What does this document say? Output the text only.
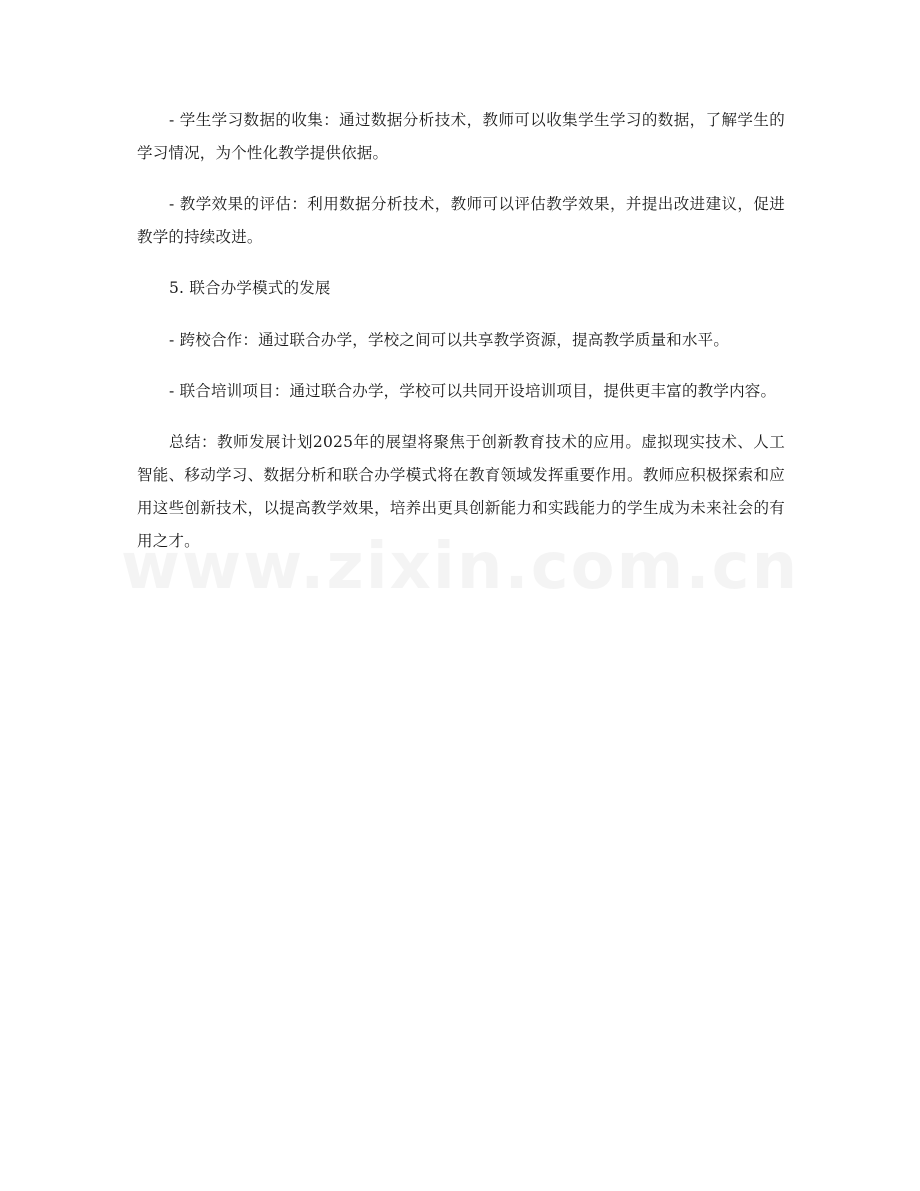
- 学生学习数据的收集：通过数据分析技术，教师可以收集学生学习的数据，了解学生的学习情况，为个性化教学提供依据。

- 教学效果的评估：利用数据分析技术，教师可以评估教学效果，并提出改进建议，促进教学的持续改进。

5. 联合办学模式的发展

- 跨校合作：通过联合办学，学校之间可以共享教学资源，提高教学质量和水平。

- 联合培训项目：通过联合办学，学校可以共同开设培训项目，提供更丰富的教学内容。

总结：教师发展计划2025年的展望将聚焦于创新教育技术的应用。虚拟现实技术、人工智能、移动学习、数据分析和联合办学模式将在教育领域发挥重要作用。教师应积极探索和应用这些创新技术，以提高教学效果，培养出更具创新能力和实践能力的学生成为未来社会的有用之才。
